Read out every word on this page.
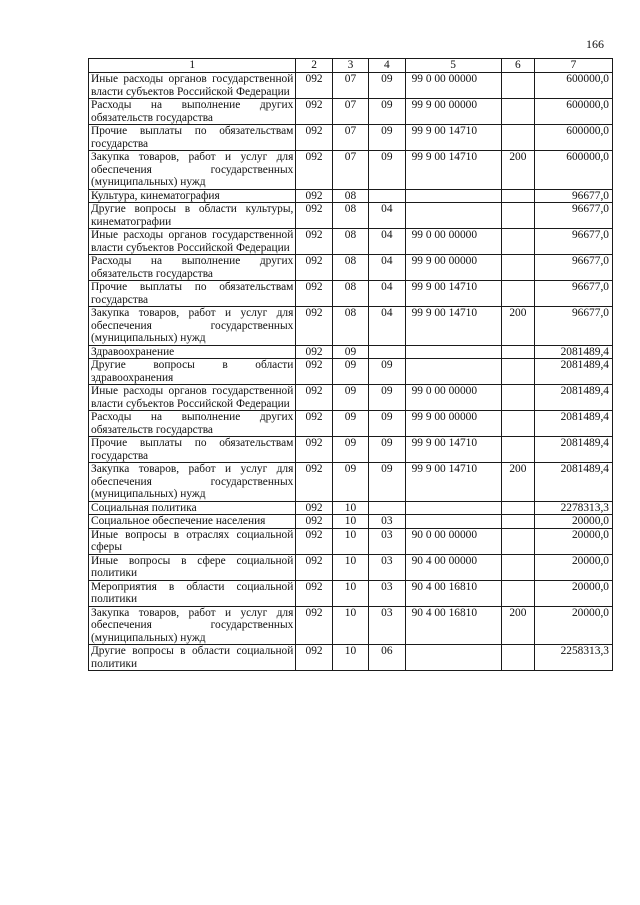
166
1	2	3	4	5	6	7
Иные расходы органов государственной власти субъектов Российской Федерации	092	07	09	99 0 00 00000		600000,0
Расходы на выполнение других обязательств государства	092	07	09	99 9 00 00000		600000,0
Прочие выплаты по обязательствам государства	092	07	09	99 9 00 14710		600000,0
Закупка товаров, работ и услуг для обеспечения государственных (муниципальных) нужд	092	07	09	99 9 00 14710	200	600000,0
Культура, кинематография	092	08				96677,0
Другие вопросы в области культуры, кинематографии	092	08	04			96677,0
Иные расходы органов государственной власти субъектов Российской Федерации	092	08	04	99 0 00 00000		96677,0
Расходы на выполнение других обязательств государства	092	08	04	99 9 00 00000		96677,0
Прочие выплаты по обязательствам государства	092	08	04	99 9 00 14710		96677,0
Закупка товаров, работ и услуг для обеспечения государственных (муниципальных) нужд	092	08	04	99 9 00 14710	200	96677,0
Здравоохранение	092	09				2081489,4
Другие вопросы в области здравоохранения	092	09	09			2081489,4
Иные расходы органов государственной власти субъектов Российской Федерации	092	09	09	99 0 00 00000		2081489,4
Расходы на выполнение других обязательств государства	092	09	09	99 9 00 00000		2081489,4
Прочие выплаты по обязательствам государства	092	09	09	99 9 00 14710		2081489,4
Закупка товаров, работ и услуг для обеспечения государственных (муниципальных) нужд	092	09	09	99 9 00 14710	200	2081489,4
Социальная политика	092	10				2278313,3
Социальное обеспечение населения	092	10	03			20000,0
Иные вопросы в отраслях социальной сферы	092	10	03	90 0 00 00000		20000,0
Иные вопросы в сфере социальной политики	092	10	03	90 4 00 00000		20000,0
Мероприятия в области социальной политики	092	10	03	90 4 00 16810		20000,0
Закупка товаров, работ и услуг для обеспечения государственных (муниципальных) нужд	092	10	03	90 4 00 16810	200	20000,0
Другие вопросы в области социальной политики	092	10	06			2258313,3
